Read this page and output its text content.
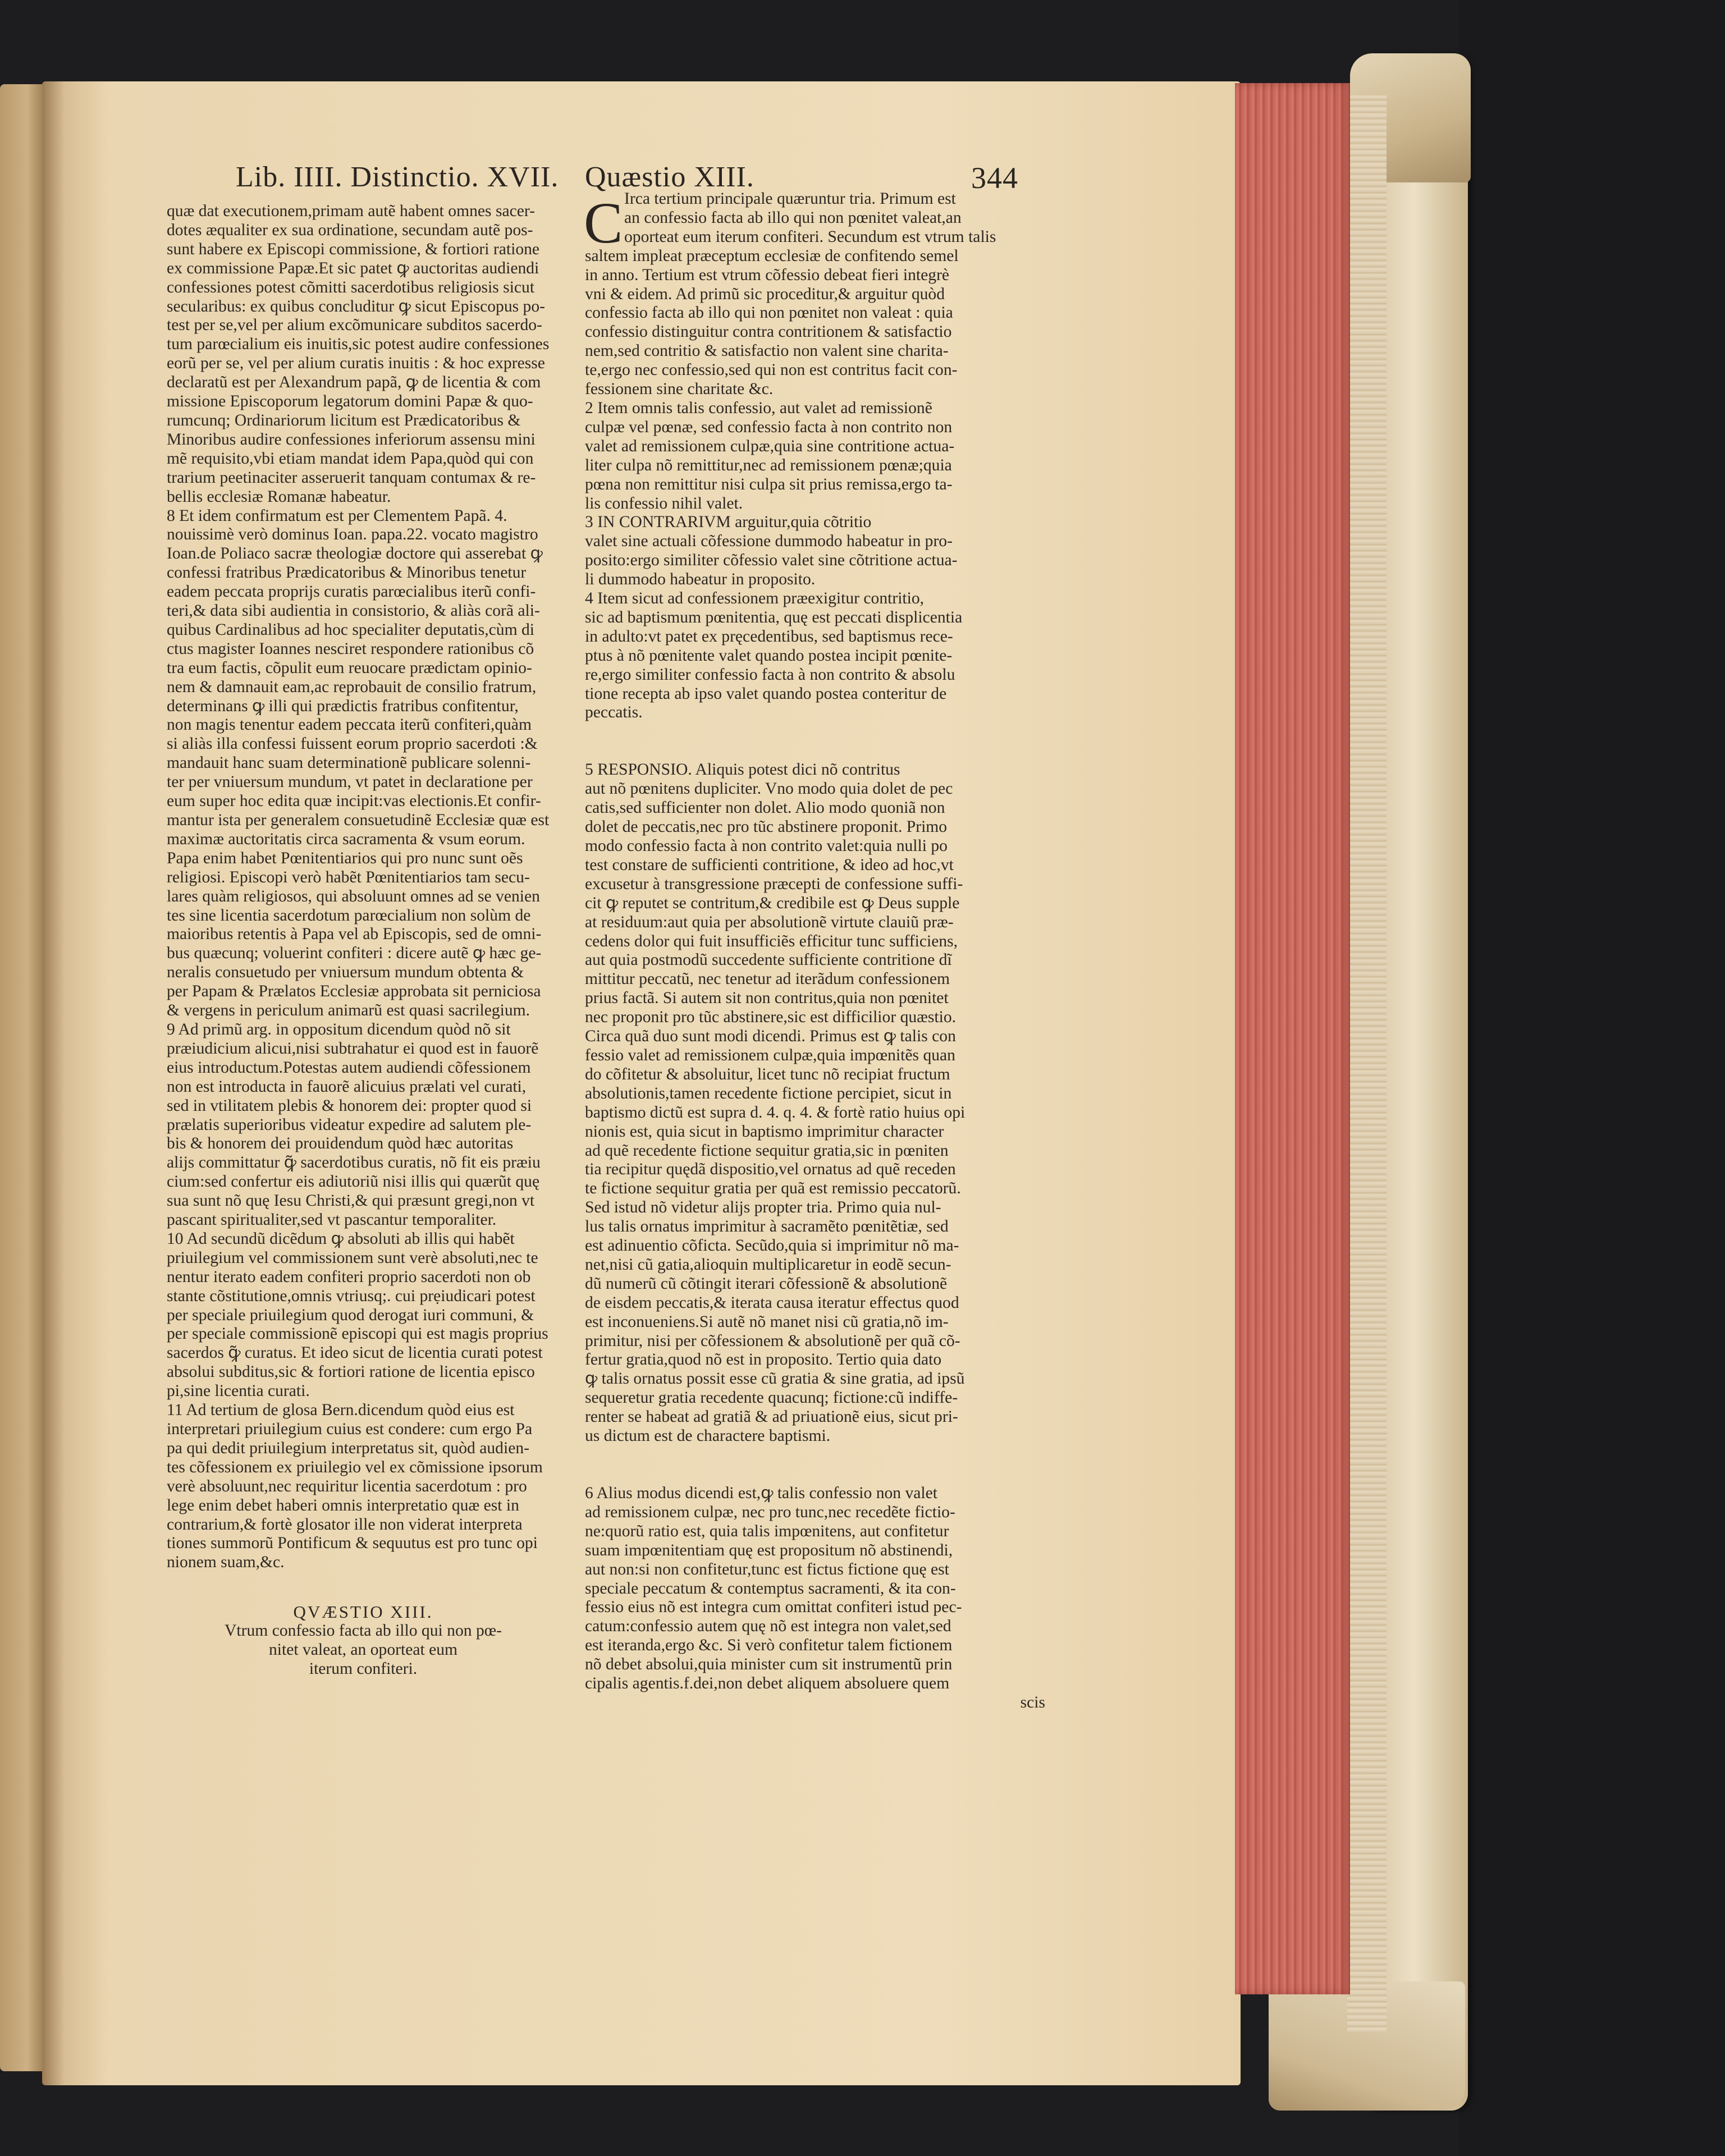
Lib. IIII. Distinctio. XVII. Quæstio XIII.	344
quæ dat executionem,primam autẽ habent omnes sacer-
dotes æqualiter ex sua ordinatione, secundam autẽ pos-
sunt habere ex Episcopi commissione, & fortiori ratione
ex commissione Papæ.Et sic patet ꝙ auctoritas audiendi
confessiones potest cõmitti sacerdotibus religiosis sicut
secularibus: ex quibus concluditur ꝙ sicut Episcopus po-
test per se,vel per alium excõmunicare subditos sacerdo-
tum parœcialium eis inuitis,sic potest audire confessiones
eorũ per se, vel per alium curatis inuitis : & hoc expresse
declaratũ est per Alexandrum papã, ꝙ de licentia & com
missione Episcoporum legatorum domini Papæ & quo-
rumcunq; Ordinariorum licitum est Prædicatoribus &
Minoribus audire confessiones inferiorum assensu mini
mẽ requisito,vbi etiam mandat idem Papa,quòd qui con
trarium peetinaciter asseruerit tanquam contumax & re-
bellis ecclesiæ Romanæ habeatur.
8 Et idem confirmatum est per Clementem Papã. 4.
nouissimè verò dominus Ioan. papa.22. vocato magistro
Ioan.de Poliaco sacræ theologiæ doctore qui asserebat ꝙ
confessi fratribus Prædicatoribus & Minoribus tenetur
eadem peccata proprijs curatis parœcialibus iterũ confi-
teri,& data sibi audientia in consistorio, & aliàs corã ali-
quibus Cardinalibus ad hoc specialiter deputatis,cùm di
ctus magister Ioannes nesciret respondere rationibus cõ
tra eum factis, cõpulit eum reuocare prædictam opinio-
nem & damnauit eam,ac reprobauit de consilio fratrum,
determinans ꝙ illi qui prædictis fratribus confitentur,
non magis tenentur eadem peccata iterũ confiteri,quàm
si aliàs illa confessi fuissent eorum proprio sacerdoti :&
mandauit hanc suam determinationẽ publicare solenni-
ter per vniuersum mundum, vt patet in declaratione per
eum super hoc edita quæ incipit:vas electionis.Et confir-
mantur ista per generalem consuetudinẽ Ecclesiæ quæ est
maximæ auctoritatis circa sacramenta & vsum eorum.
Papa enim habet Pœnitentiarios qui pro nunc sunt oẽs
religiosi. Episcopi verò habẽt Pœnitentiarios tam secu-
lares quàm religiosos, qui absoluunt omnes ad se venien
tes sine licentia sacerdotum parœcialium non solùm de
maioribus retentis à Papa vel ab Episcopis, sed de omni-
bus quæcunq; voluerint confiteri : dicere autẽ ꝙ hæc ge-
neralis consuetudo per vniuersum mundum obtenta &
per Papam & Prælatos Ecclesiæ approbata sit perniciosa
& vergens in periculum animarũ est quasi sacrilegium.
9 Ad primũ arg. in oppositum dicendum quòd nõ sit
præiudicium alicui,nisi subtrahatur ei quod est in fauorẽ
eius introductum.Potestas autem audiendi cõfessionem
non est introducta in fauorẽ alicuius prælati vel curati,
sed in vtilitatem plebis & honorem dei: propter quod si
prælatis superioribus videatur expedire ad salutem ple-
bis & honorem dei prouidendum quòd hæc autoritas
alijs committatur ꝙ̃ sacerdotibus curatis, nõ fit eis præiu
cium:sed confertur eis adiutoriũ nisi illis qui quærũt quę
sua sunt nõ quę Iesu Christi,& qui præsunt gregi,non vt
pascant spiritualiter,sed vt pascantur temporaliter.
10 Ad secundũ dicẽdum ꝙ absoluti ab illis qui habẽt
priuilegium vel commissionem sunt verè absoluti,nec te
nentur iterato eadem confiteri proprio sacerdoti non ob
stante cõstitutione,omnis vtriusq;. cui prẹiudicari potest
per speciale priuilegium quod derogat iuri communi, &
per speciale commissionẽ episcopi qui est magis proprius
sacerdos ꝙ̃ curatus. Et ideo sicut de licentia curati potest
absolui subditus,sic & fortiori ratione de licentia episco
pi,sine licentia curati.
11 Ad tertium de glosa Bern.dicendum quòd eius est
interpretari priuilegium cuius est condere: cum ergo Pa
pa qui dedit priuilegium interpretatus sit, quòd audien-
tes cõfessionem ex priuilegio vel ex cõmissione ipsorum
verè absoluunt,nec requiritur licentia sacerdotum : pro
lege enim debet haberi omnis interpretatio quæ est in
contrarium,& fortè glosator ille non viderat interpreta
tiones summorũ Pontificum & sequutus est pro tunc opi
nionem suam,&c.
QVÆSTIO XIII.
Vtrum confessio facta ab illo qui non pœ-
nitet valeat, an oporteat eum
iterum confiteri.
C Irca tertium principale quæruntur tria. Primum est
an confessio facta ab illo qui non pœnitet valeat,an
oporteat eum iterum confiteri. Secundum est vtrum talis
saltem impleat præceptum ecclesiæ de confitendo semel
in anno. Tertium est vtrum cõfessio debeat fieri integrè
vni & eidem. Ad primũ sic proceditur,& arguitur quòd
confessio facta ab illo qui non pœnitet non valeat : quia
confessio distinguitur contra contritionem & satisfactio
nem,sed contritio & satisfactio non valent sine charita-
te,ergo nec confessio,sed qui non est contritus facit con-
fessionem sine charitate &c.
2 Item omnis talis confessio, aut valet ad remissionẽ
culpæ vel pœnæ, sed confessio facta à non contrito non
valet ad remissionem culpæ,quia sine contritione actua-
liter culpa nõ remittitur,nec ad remissionem pœnæ;quia
pœna non remittitur nisi culpa sit prius remissa,ergo ta-
lis confessio nihil valet.
3 IN CONTRARIVM arguitur,quia cõtritio
valet sine actuali cõfessione dummodo habeatur in pro-
posito:ergo similiter cõfessio valet sine cõtritione actua-
li dummodo habeatur in proposito.
4 Item sicut ad confessionem præexigitur contritio,
sic ad baptismum pœnitentia, quę est peccati displicentia
in adulto:vt patet ex pręcedentibus, sed baptismus rece-
ptus à nõ pœnitente valet quando postea incipit pœnite-
re,ergo similiter confessio facta à non contrito & absolu
tione recepta ab ipso valet quando postea conteritur de
peccatis.
5 RESPONSIO. Aliquis potest dici nõ contritus
aut nõ pœnitens dupliciter. Vno modo quia dolet de pec
catis,sed sufficienter non dolet. Alio modo quoniã non
dolet de peccatis,nec pro tũc abstinere proponit. Primo
modo confessio facta à non contrito valet:quia nulli po
test constare de sufficienti contritione, & ideo ad hoc,vt
excusetur à transgressione præcepti de confessione suffi-
cit ꝙ reputet se contritum,& credibile est ꝙ Deus supple
at residuum:aut quia per absolutionẽ virtute clauiũ præ-
cedens dolor qui fuit insufficiẽs efficitur tunc sufficiens,
aut quia postmodũ succedente sufficiente contritione dĩ
mittitur peccatũ, nec tenetur ad iterãdum confessionem
prius factã. Si autem sit non contritus,quia non pœnitet
nec proponit pro tũc abstinere,sic est difficilior quæstio.
Circa quã duo sunt modi dicendi. Primus est ꝙ talis con
fessio valet ad remissionem culpæ,quia impœnitẽs quan
do cõfitetur & absoluitur, licet tunc nõ recipiat fructum
absolutionis,tamen recedente fictione percipiet, sicut in
baptismo dictũ est supra d. 4. q. 4. & fortè ratio huius opi
nionis est, quia sicut in baptismo imprimitur character
ad quẽ recedente fictione sequitur gratia,sic in pœniten
tia recipitur quędã dispositio,vel ornatus ad quẽ receden
te fictione sequitur gratia per quã est remissio peccatorũ.
Sed istud nõ videtur alijs propter tria. Primo quia nul-
lus talis ornatus imprimitur à sacramẽto pœnitẽtiæ, sed
est adinuentio cõficta. Secũdo,quia si imprimitur nõ ma-
net,nisi cũ gatia,alioquin multiplicaretur in eodẽ secun-
dũ numerũ cũ cõtingit iterari cõfessionẽ & absolutionẽ
de eisdem peccatis,& iterata causa iteratur effectus quod
est inconueniens.Si autẽ nõ manet nisi cũ gratia,nõ im-
primitur, nisi per cõfessionem & absolutionẽ per quã cõ-
fertur gratia,quod nõ est in proposito. Tertio quia dato
ꝙ talis ornatus possit esse cũ gratia & sine gratia, ad ipsũ
sequeretur gratia recedente quacunq; fictione:cũ indiffe-
renter se habeat ad gratiã & ad priuationẽ eius, sicut pri-
us dictum est de charactere baptismi.
6 Alius modus dicendi est,ꝙ talis confessio non valet
ad remissionem culpæ, nec pro tunc,nec recedẽte fictio-
ne:quorũ ratio est, quia talis impœnitens, aut confitetur
suam impœnitentiam quę est propositum nõ abstinendi,
aut non:si non confitetur,tunc est fictus fictione quę est
speciale peccatum & contemptus sacramenti, & ita con-
fessio eius nõ est integra cum omittat confiteri istud pec-
catum:confessio autem quę nõ est integra non valet,sed
est iteranda,ergo &c. Si verò confitetur talem fictionem
nõ debet absolui,quia minister cum sit instrumentũ prin
cipalis agentis.f.dei,non debet aliquem absoluere quem
scis
